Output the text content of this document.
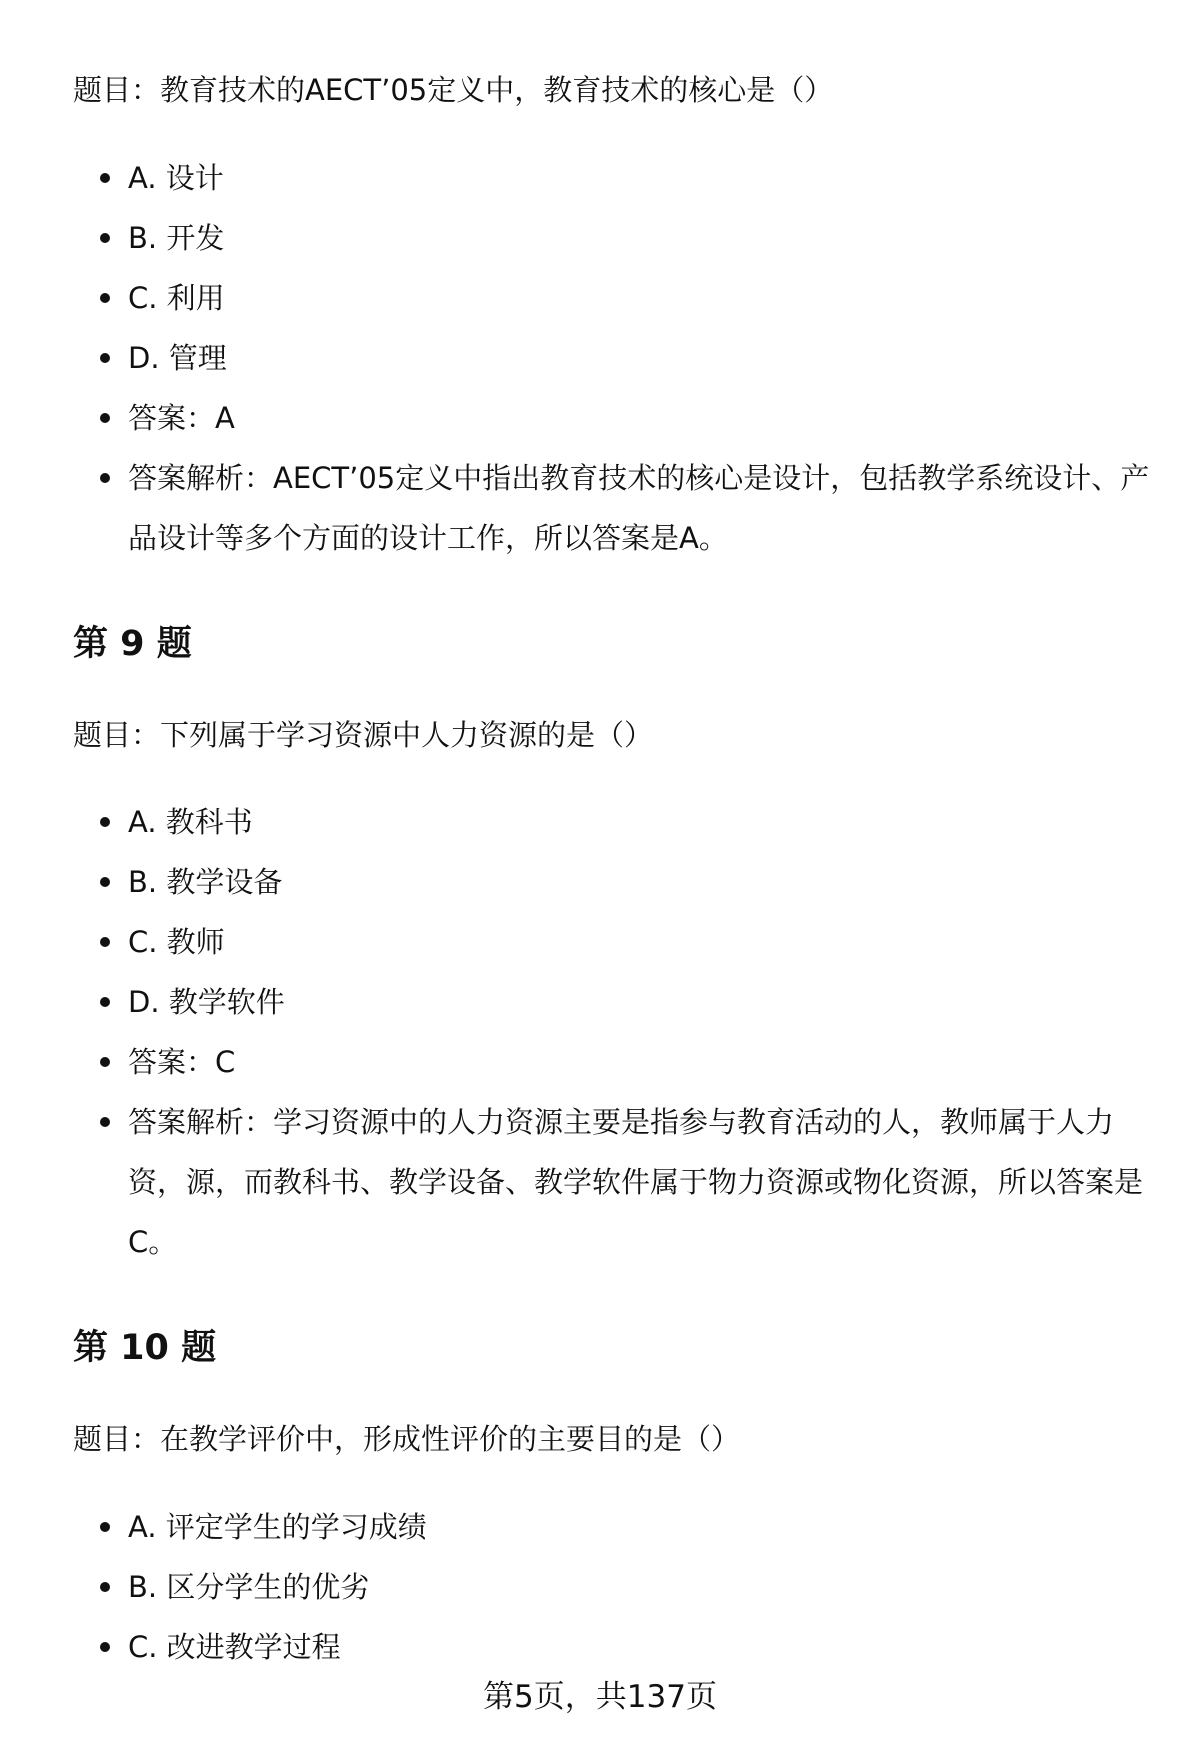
题目：教育技术的AECT’05定义中，教育技术的核心是（）

A. 设计
B. 开发
C. 利用
D. 管理
答案：A
答案解析：AECT’05定义中指出教育技术的核心是设计，包括教学系统设计、产品设计等多个方面的设计工作，所以答案是A。
第 9 题

题目：下列属于学习资源中人力资源的是（）

A. 教科书
B. 教学设备
C. 教师
D. 教学软件
答案：C
答案解析：学习资源中的人力资源主要是指参与教育活动的人，教师属于人力资，源，而教科书、教学设备、教学软件属于物力资源或物化资源，所以答案是C。
第 10 题

题目：在教学评价中，形成性评价的主要目的是（）

A. 评定学生的学习成绩
B. 区分学生的优劣
C. 改进教学过程
第5页，共137页
